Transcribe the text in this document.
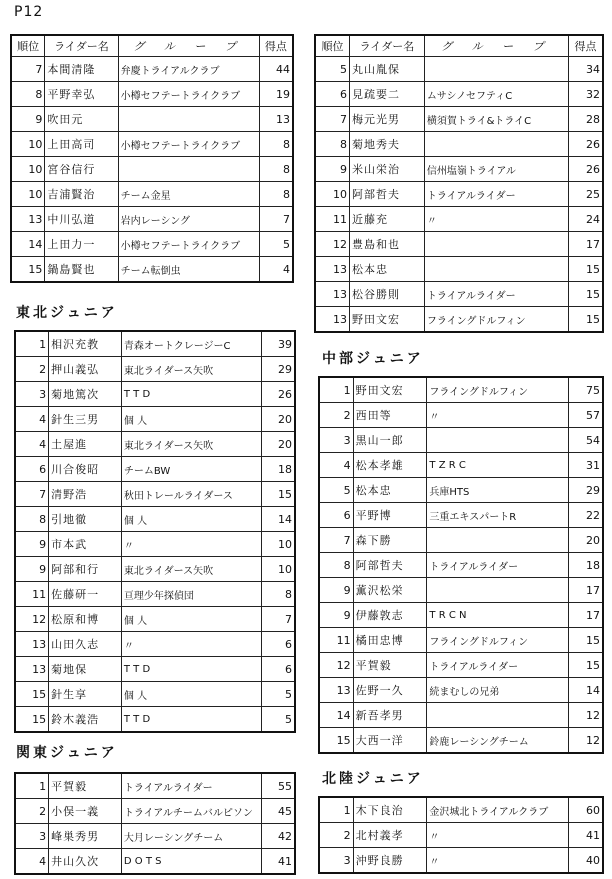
P12
東北ジュニア
関東ジュニア
中部ジュニア
北陸ジュニア
順位	ライダー名	グ ル ー プ	得点
7	本間清隆	弁慶トライアルクラブ	44
8	平野幸弘	小樽セフテートライクラブ	19
9	吹田元		13
10	上田高司	小樽セフテートライクラブ	8
10	宮谷信行		8
10	吉浦賢治	チーム金星	8
13	中川弘道	岩内レーシング	7
14	上田力一	小樽セフテートライクラブ	5
15	鍋島賢也	チーム転倒虫	4
1	相沢充教	青森オートクレージーC	39
2	押山義弘	東北ライダース矢吹	29
3	菊地篤次	T T D	26
4	針生三男	個 人	20
4	土屋進	東北ライダース矢吹	20
6	川合俊昭	チームBW	18
7	清野浩	秋田トレールライダース	15
8	引地徹	個 人	14
9	市本武	〃	10
9	阿部和行	東北ライダース矢吹	10
11	佐藤研一	亘理少年探偵団	8
12	松原和博	個 人	7
13	山田久志	〃	6
13	菊地保	T T D	6
15	針生享	個 人	5
15	鈴木義浩	T T D	5
1	平賀毅	トライアルライダー	55
2	小俣一義	トライアルチームバルピソン	45
3	峰巣秀男	大月レーシングチーム	42
4	井山久次	D O T S	41
順位	ライダー名	グ ル ー プ	得点
5	丸山胤保		34
6	見疏要二	ムサシノセフティC	32
7	梅元光男	横須賀トライ&トライC	28
8	菊地秀夫		26
9	米山栄治	信州塩嶺トライアル	26
10	阿部哲夫	トライアルライダー	25
11	近藤充	〃	24
12	豊島和也		17
13	松本忠		15
13	松谷勝則	トライアルライダー	15
13	野田文宏	フライングドルフィン	15
1	野田文宏	フライングドルフィン	75
2	西田等	〃	57
3	黒山一郎		54
4	松本孝雄	T Z R C	31
5	松本忠	兵庫HTS	29
6	平野博	三重エキスパートR	22
7	森下勝		20
8	阿部哲夫	トライアルライダー	18
9	薫沢松栄		17
9	伊藤敦志	T R C N	17
11	橘田忠博	フライングドルフィン	15
12	平賀毅	トライアルライダー	15
13	佐野一久	続まむしの兄弟	14
14	新吾孝男		12
15	大西一洋	鈴鹿レーシングチーム	12
1	木下良治	金沢城北トライアルクラブ	60
2	北村義孝	〃	41
3	沖野良勝	〃	40
